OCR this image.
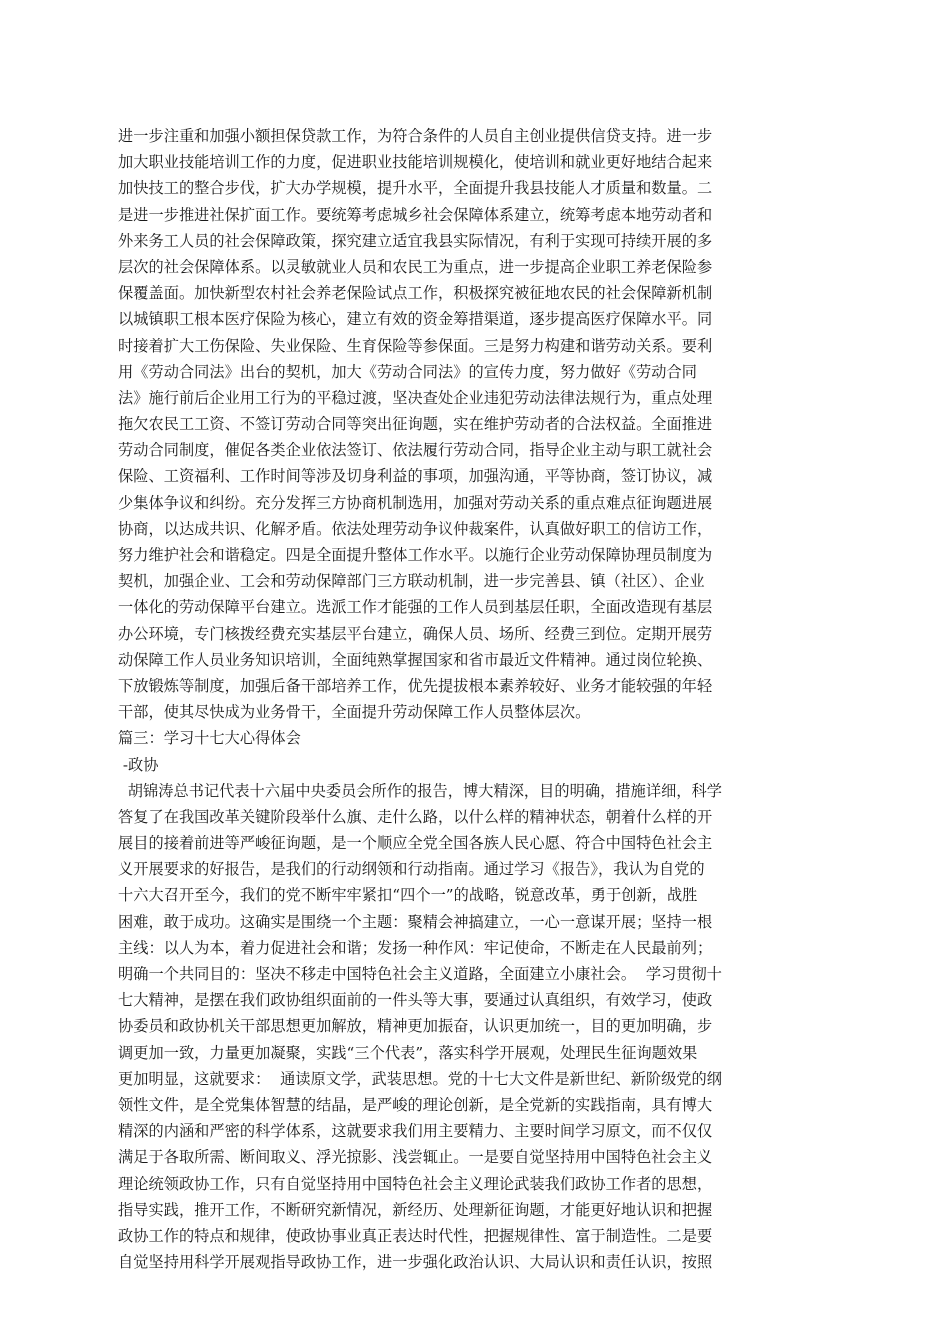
进一步注重和加强小额担保贷款工作，为符合条件的人员自主创业提供信贷支持。进一步
加大职业技能培训工作的力度，促进职业技能培训规模化，使培训和就业更好地结合起来
加快技工的整合步伐，扩大办学规模，提升水平，全面提升我县技能人才质量和数量。二
是进一步推进社保扩面工作。要统筹考虑城乡社会保障体系建立，统筹考虑本地劳动者和
外来务工人员的社会保障政策，探究建立适宜我县实际情况，有利于实现可持续开展的多
层次的社会保障体系。以灵敏就业人员和农民工为重点，进一步提高企业职工养老保险参
保覆盖面。加快新型农村社会养老保险试点工作，积极探究被征地农民的社会保障新机制
以城镇职工根本医疗保险为核心，建立有效的资金筹措渠道，逐步提高医疗保障水平。同
时接着扩大工伤保险、失业保险、生育保险等参保面。三是努力构建和谐劳动关系。要利
用《劳动合同法》出台的契机，加大《劳动合同法》的宣传力度，努力做好《劳动合同
法》施行前后企业用工行为的平稳过渡，坚决查处企业违犯劳动法律法规行为，重点处理
拖欠农民工工资、不签订劳动合同等突出征询题，实在维护劳动者的合法权益。全面推进
劳动合同制度，催促各类企业依法签订、依法履行劳动合同，指导企业主动与职工就社会
保险、工资福利、工作时间等涉及切身利益的事项，加强沟通，平等协商，签订协议，减
少集体争议和纠纷。充分发挥三方协商机制选用，加强对劳动关系的重点难点征询题进展
协商，以达成共识、化解矛盾。依法处理劳动争议仲裁案件，认真做好职工的信访工作，
努力维护社会和谐稳定。四是全面提升整体工作水平。以施行企业劳动保障协理员制度为
契机，加强企业、工会和劳动保障部门三方联动机制，进一步完善县、镇（社区）、企业
一体化的劳动保障平台建立。选派工作才能强的工作人员到基层任职，全面改造现有基层
办公环境，专门核拨经费充实基层平台建立，确保人员、场所、经费三到位。定期开展劳
动保障工作人员业务知识培训，全面纯熟掌握国家和省市最近文件精神。通过岗位轮换、
下放锻炼等制度，加强后备干部培养工作，优先提拔根本素养较好、业务才能较强的年轻
干部，使其尽快成为业务骨干，全面提升劳动保障工作人员整体层次。
篇三：学习十七大心得体会
-政协
胡锦涛总书记代表十六届中央委员会所作的报告，博大精深，目的明确，措施详细，科学
答复了在我国改革关键阶段举什么旗、走什么路，以什么样的精神状态，朝着什么样的开
展目的接着前进等严峻征询题，是一个顺应全党全国各族人民心愿、符合中国特色社会主
义开展要求的好报告，是我们的行动纲领和行动指南。通过学习《报告》，我认为自党的
十六大召开至今，我们的党不断牢牢紧扣“四个一”的战略，锐意改革，勇于创新，战胜
困难，敢于成功。这确实是围绕一个主题：聚精会神搞建立，一心一意谋开展；坚持一根
主线：以人为本，着力促进社会和谐；发扬一种作风：牢记使命，不断走在人民最前列；
明确一个共同目的：坚决不移走中国特色社会主义道路，全面建立小康社会。  学习贯彻十
七大精神，是摆在我们政协组织面前的一件头等大事，要通过认真组织，有效学习，使政
协委员和政协机关干部思想更加解放，精神更加振奋，认识更加统一，目的更加明确，步
调更加一致，力量更加凝聚，实践“三个代表”，落实科学开展观，处理民生征询题效果
更加明显，这就要求：  通读原文学，武装思想。党的十七大文件是新世纪、新阶级党的纲
领性文件，是全党集体智慧的结晶，是严峻的理论创新，是全党新的实践指南，具有博大
精深的内涵和严密的科学体系，这就要求我们用主要精力、主要时间学习原文，而不仅仅
满足于各取所需、断间取义、浮光掠影、浅尝辄止。一是要自觉坚持用中国特色社会主义
理论统领政协工作，只有自觉坚持用中国特色社会主义理论武装我们政协工作者的思想，
指导实践，推开工作，不断研究新情况，新经历、处理新征询题，才能更好地认识和把握
政协工作的特点和规律，使政协事业真正表达时代性，把握规律性、富于制造性。二是要
自觉坚持用科学开展观指导政协工作，进一步强化政治认识、大局认识和责任认识，按照
